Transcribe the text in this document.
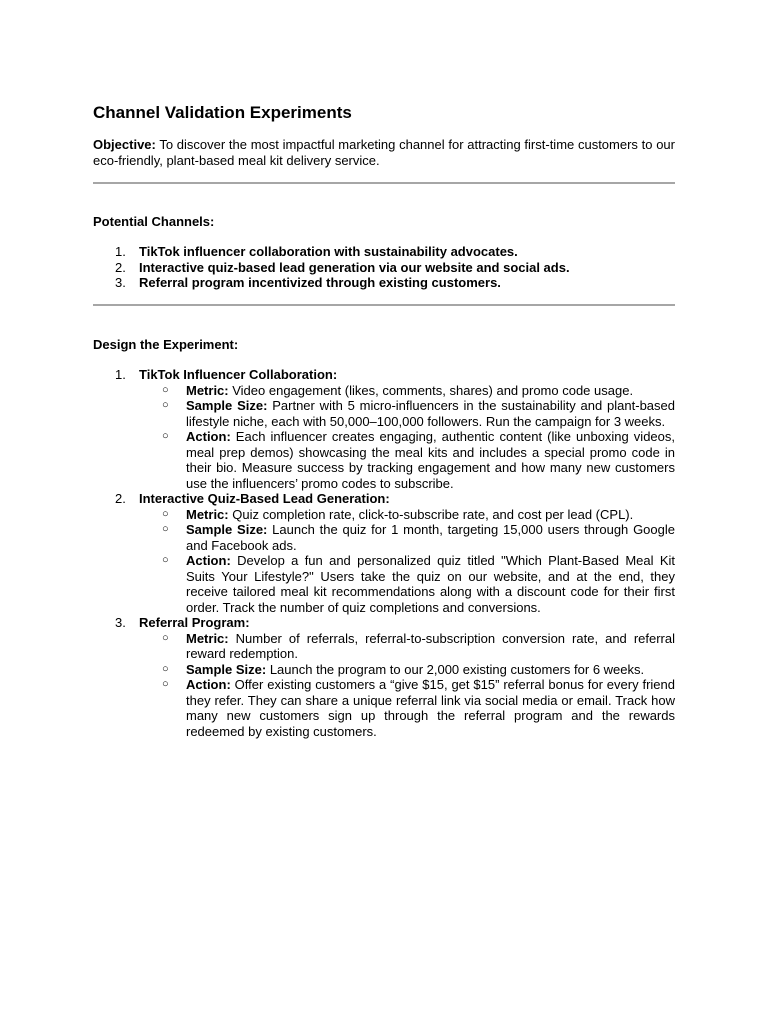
Channel Validation Experiments

Objective: To discover the most impactful marketing channel for attracting first-time customers to our eco-friendly, plant-based meal kit delivery service.

Potential Channels:
1. TikTok influencer collaboration with sustainability advocates.
2. Interactive quiz-based lead generation via our website and social ads.
3. Referral program incentivized through existing customers.
Design the Experiment:
1. TikTok Influencer Collaboration:
○ Metric: Video engagement (likes, comments, shares) and promo code usage.
○ Sample Size: Partner with 5 micro-influencers in the sustainability and plant-based lifestyle niche, each with 50,000–100,000 followers. Run the campaign for 3 weeks.
○ Action: Each influencer creates engaging, authentic content (like unboxing videos, meal prep demos) showcasing the meal kits and includes a special promo code in their bio. Measure success by tracking engagement and how many new customers use the influencers’ promo codes to subscribe.
2. Interactive Quiz-Based Lead Generation:
○ Metric: Quiz completion rate, click-to-subscribe rate, and cost per lead (CPL).
○ Sample Size: Launch the quiz for 1 month, targeting 15,000 users through Google and Facebook ads.
○ Action: Develop a fun and personalized quiz titled "Which Plant-Based Meal Kit Suits Your Lifestyle?" Users take the quiz on our website, and at the end, they receive tailored meal kit recommendations along with a discount code for their first order. Track the number of quiz completions and conversions.
3. Referral Program:
○ Metric: Number of referrals, referral-to-subscription conversion rate, and referral reward redemption.
○ Sample Size: Launch the program to our 2,000 existing customers for 6 weeks.
○ Action: Offer existing customers a “give $15, get $15” referral bonus for every friend they refer. They can share a unique referral link via social media or email. Track how many new customers sign up through the referral program and the rewards redeemed by existing customers.
